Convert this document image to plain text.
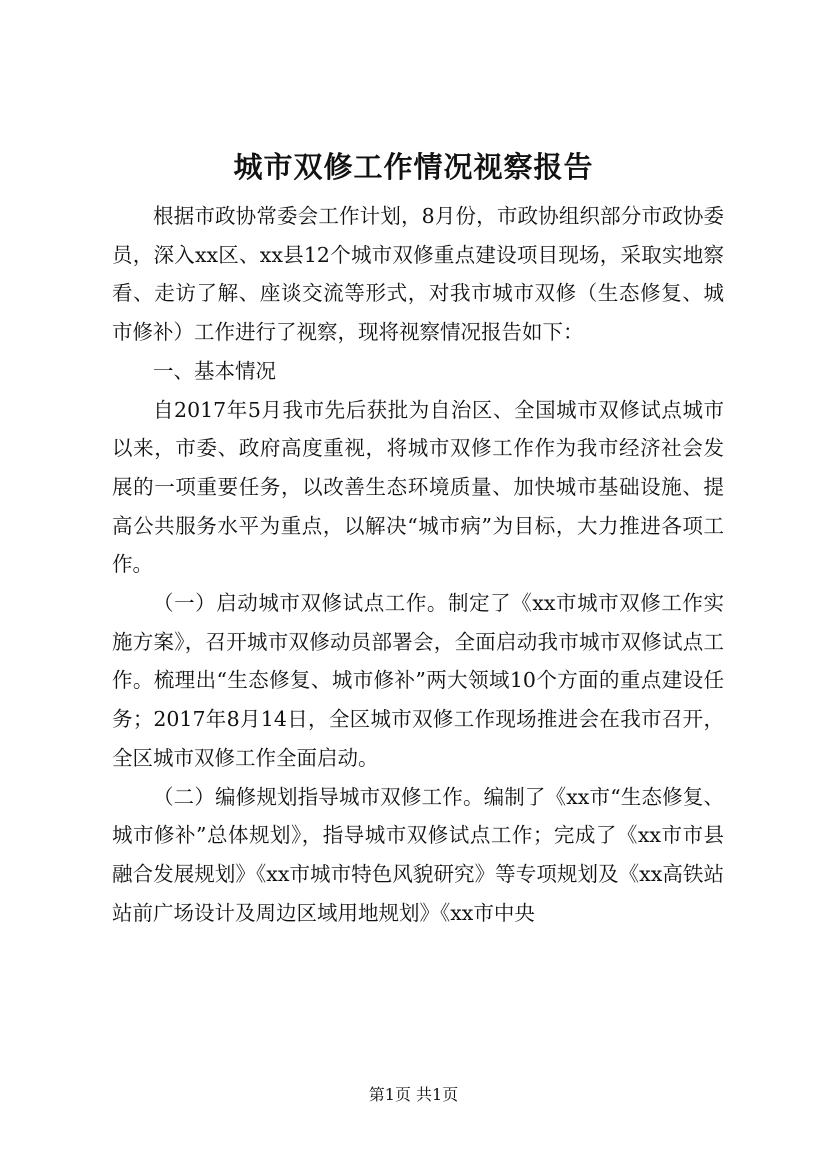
城市双修工作情况视察报告

根据市政协常委会工作计划，8月份，市政协组织部分市政协委员，深入xx区、xx县12个城市双修重点建设项目现场，采取实地察看、走访了解、座谈交流等形式，对我市城市双修（生态修复、城市修补）工作进行了视察，现将视察情况报告如下：

一、基本情况

自2017年5月我市先后获批为自治区、全国城市双修试点城市以来，市委、政府高度重视，将城市双修工作作为我市经济社会发展的一项重要任务，以改善生态环境质量、加快城市基础设施、提高公共服务水平为重点，以解决“城市病”为目标，大力推进各项工作。

（一）启动城市双修试点工作。制定了《xx市城市双修工作实施方案》，召开城市双修动员部署会，全面启动我市城市双修试点工作。梳理出“生态修复、城市修补”两大领域10个方面的重点建设任务；2017年8月14日，全区城市双修工作现场推进会在我市召开，全区城市双修工作全面启动。

（二）编修规划指导城市双修工作。编制了《xx市“生态修复、城市修补”总体规划》，指导城市双修试点工作；完成了《xx市市县融合发展规划》《xx市城市特色风貌研究》等专项规划及《xx高铁站站前广场设计及周边区域用地规划》《xx市中央

第1页 共1页
